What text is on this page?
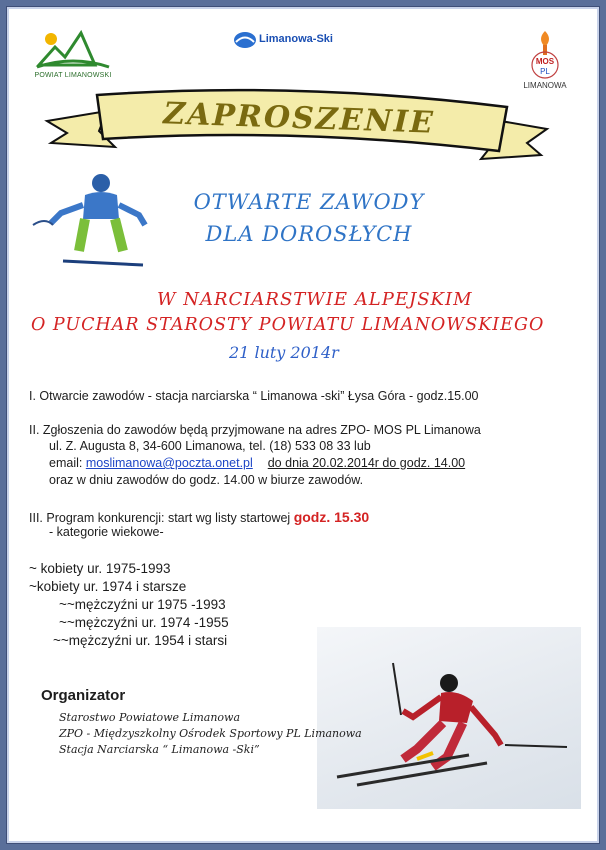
POWIAT LIMANOWSKI
Limanowa-Ski
MOS
PL
LIMANOWA
ZAPROSZENIE
OTWARTE ZAWODY
DLA DOROSŁYCH
W NARCIARSTWIE ALPEJSKIM
O PUCHAR STAROSTY POWIATU LIMANOWSKIEGO
21 luty 2014r
I. Otwarcie zawodów - stacja narciarska “ Limanowa -ski” Łysa Góra - godz.15.00
II. Zgłoszenia do zawodów będą przyjmowane na adres ZPO- MOS PL Limanowa
ul. Z. Augusta 8, 34-600 Limanowa, tel. (18) 533 08 33 lub
email: moslimanowa@poczta.onet.pl do dnia 20.02.2014r do godz. 14.00
oraz w dniu zawodów do godz. 14.00 w biurze zawodów.
III. Program konkurencji: start wg listy startowej godz. 15.30
- kategorie wiekowe-
~ kobiety ur. 1975-1993
~kobiety ur. 1974 i starsze
~~mężczyźni ur 1975 -1993
~~mężczyźni ur. 1974 -1955
~~mężczyźni ur. 1954 i starsi
Organizator
Starostwo Powiatowe Limanowa
ZPO - Międzyszkolny Ośrodek Sportowy PL Limanowa
Stacja Narciarska “ Limanowa -Ski”
